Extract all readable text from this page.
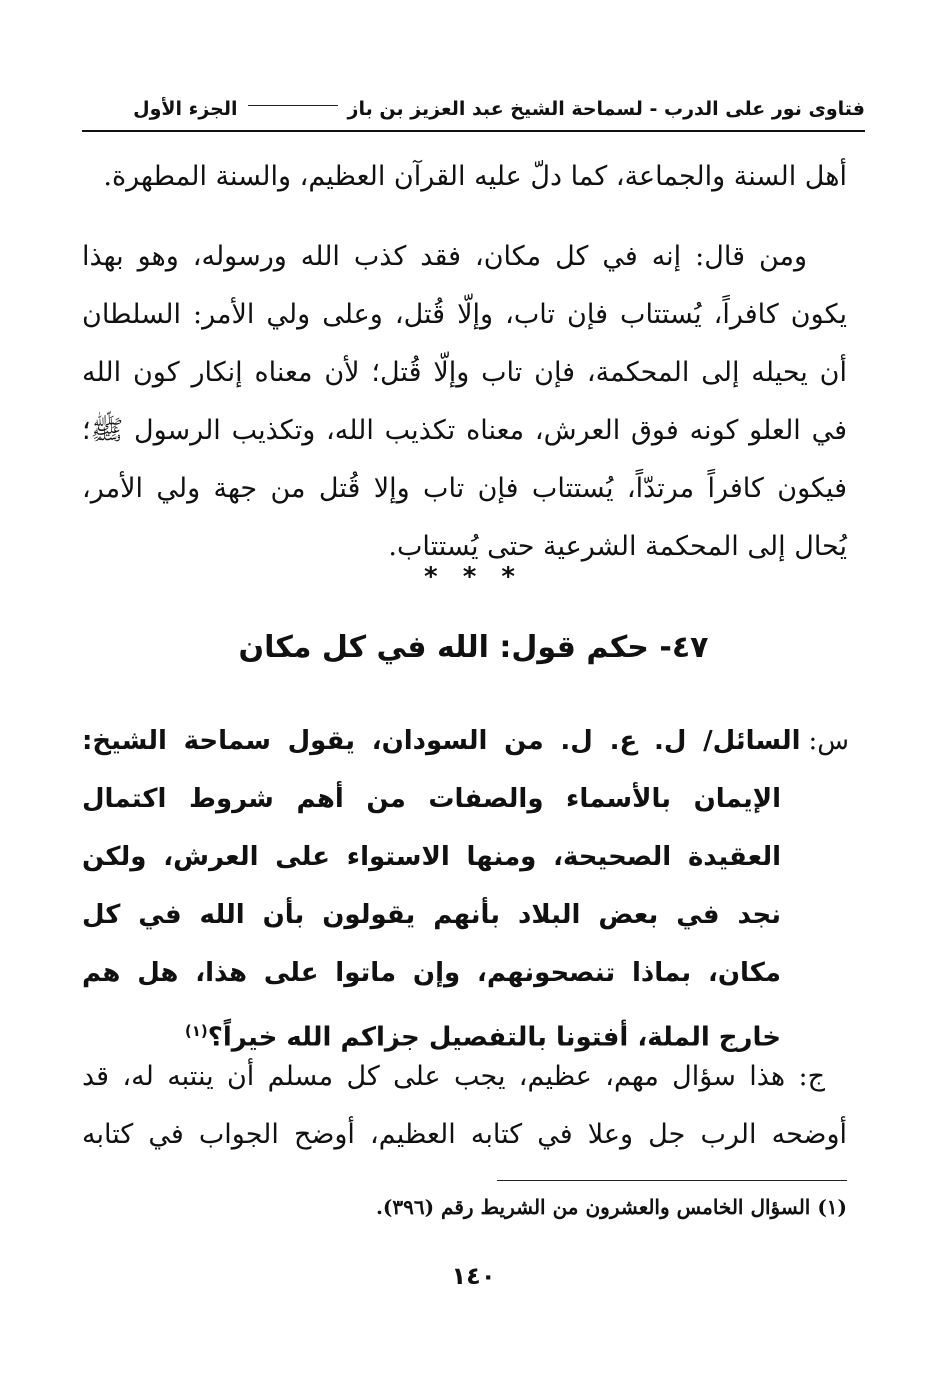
فتاوى نور على الدرب - لسماحة الشيخ عبد العزيز بن باز
الجزء الأول
أهل السنة والجماعة، كما دلّ عليه القرآن العظيم، والسنة المطهرة.
ومن قال: إنه في كل مكان، فقد كذب الله ورسوله، وهو بهذا يكون كافراً، يُستتاب فإن تاب، وإلّا قُتل، وعلى ولي الأمر: السلطان أن يحيله إلى المحكمة، فإن تاب وإلّا قُتل؛ لأن معناه إنكار كون الله في العلو كونه فوق العرش، معناه تكذيب الله، وتكذيب الرسول ﷺ؛ فيكون كافراً مرتدّاً، يُستتاب فإن تاب وإلا قُتل من جهة ولي الأمر، يُحال إلى المحكمة الشرعية حتى يُستتاب.
* * *
٤٧- حكم قول: الله في كل مكان
س:
السائل/ ل. ع. ل. من السودان، يقول سماحة الشيخ:
الإيمان بالأسماء والصفات من أهم شروط اكتمال العقيدة الصحيحة، ومنها الاستواء على العرش، ولكن نجد في بعض البلاد بأنهم يقولون بأن الله في كل مكان، بماذا تنصحونهم، وإن ماتوا على هذا، هل هم خارج الملة، أفتونا بالتفصيل جزاكم الله خيراً؟$^{(١)}$
ج: هذا سؤال مهم، عظيم، يجب على كل مسلم أن ينتبه له، قد أوضحه الرب جل وعلا في كتابه العظيم، أوضح الجواب في كتابه
(١) السؤال الخامس والعشرون من الشريط رقم (٣٩٦).
١٤٠
